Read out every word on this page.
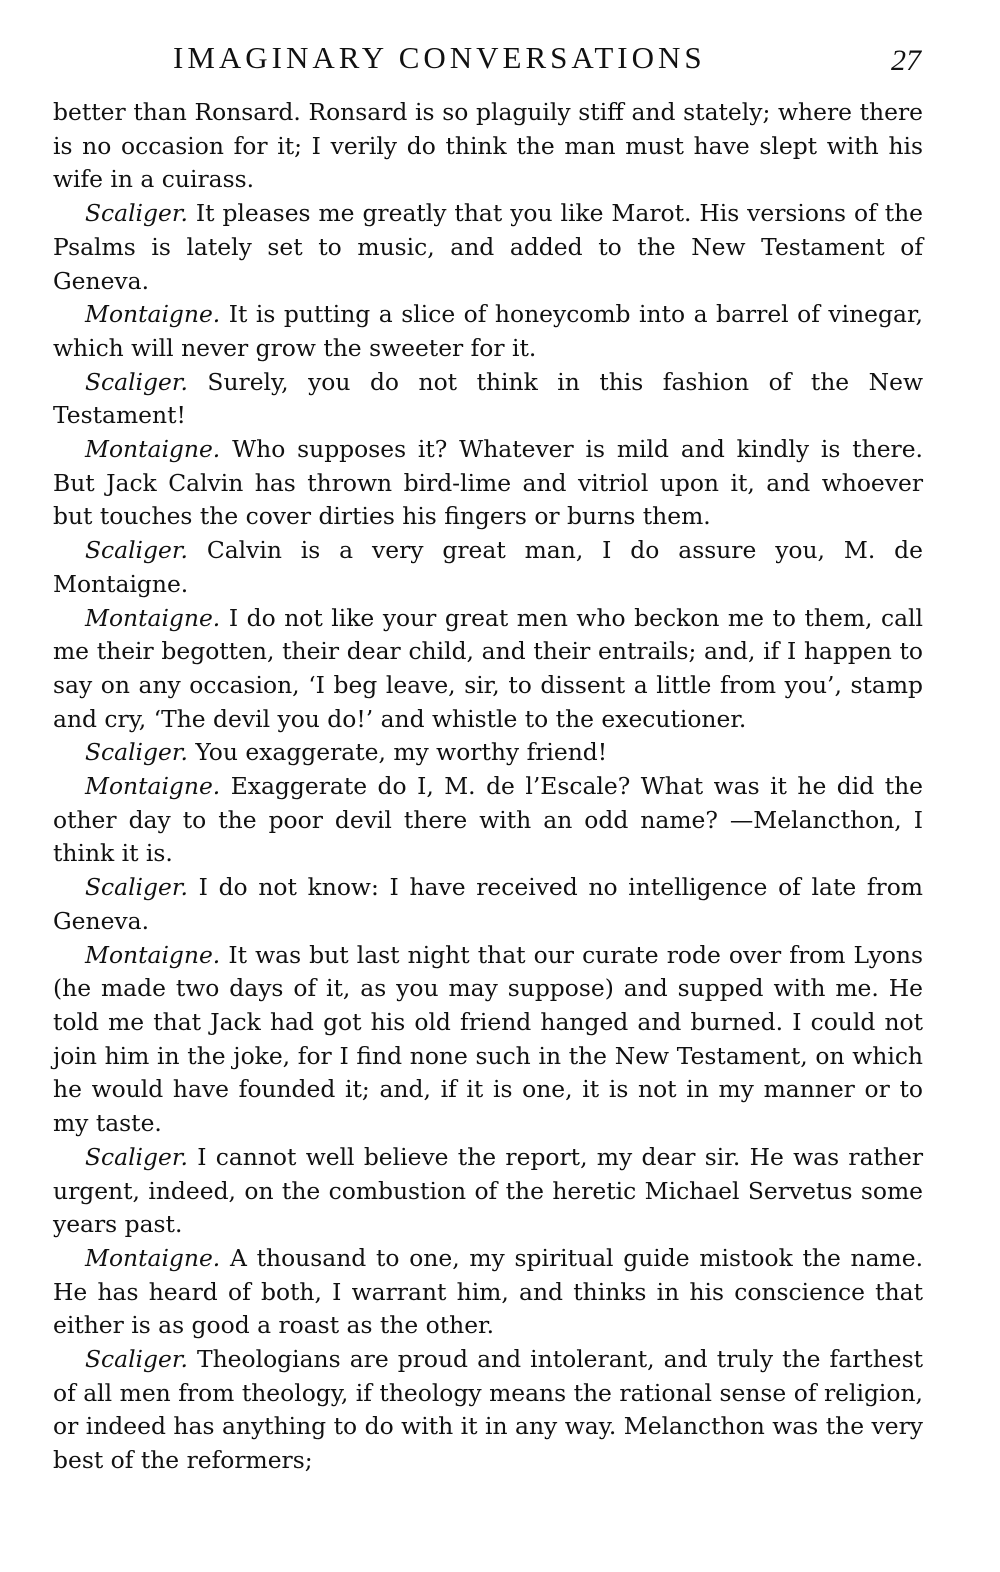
IMAGINARY CONVERSATIONS	27

better than Ronsard. Ronsard is so plaguily stiff and stately; where there is no occasion for it; I verily do think the man must have slept with his wife in a cuirass.

Scaliger. It pleases me greatly that you like Marot. His versions of the Psalms is lately set to music, and added to the New Testament of Geneva.

Montaigne. It is putting a slice of honeycomb into a barrel of vinegar, which will never grow the sweeter for it.

Scaliger. Surely, you do not think in this fashion of the New Testament!

Montaigne. Who supposes it? Whatever is mild and kindly is there. But Jack Calvin has thrown bird-lime and vitriol upon it, and whoever but touches the cover dirties his fingers or burns them.

Scaliger. Calvin is a very great man, I do assure you, M. de Montaigne.

Montaigne. I do not like your great men who beckon me to them, call me their begotten, their dear child, and their entrails; and, if I happen to say on any occasion, ‘I beg leave, sir, to dissent a little from you’, stamp and cry, ‘The devil you do!’ and whistle to the executioner.

Scaliger. You exaggerate, my worthy friend!

Montaigne. Exaggerate do I, M. de l’Escale? What was it he did the other day to the poor devil there with an odd name? —Melancthon, I think it is.

Scaliger. I do not know: I have received no intelligence of late from Geneva.

Montaigne. It was but last night that our curate rode over from Lyons (he made two days of it, as you may suppose) and supped with me. He told me that Jack had got his old friend hanged and burned. I could not join him in the joke, for I find none such in the New Testament, on which he would have founded it; and, if it is one, it is not in my manner or to my taste.

Scaliger. I cannot well believe the report, my dear sir. He was rather urgent, indeed, on the combustion of the heretic Michael Servetus some years past.

Montaigne. A thousand to one, my spiritual guide mistook the name. He has heard of both, I warrant him, and thinks in his conscience that either is as good a roast as the other.

Scaliger. Theologians are proud and intolerant, and truly the farthest of all men from theology, if theology means the rational sense of religion, or indeed has anything to do with it in any way. Melancthon was the very best of the reformers;
